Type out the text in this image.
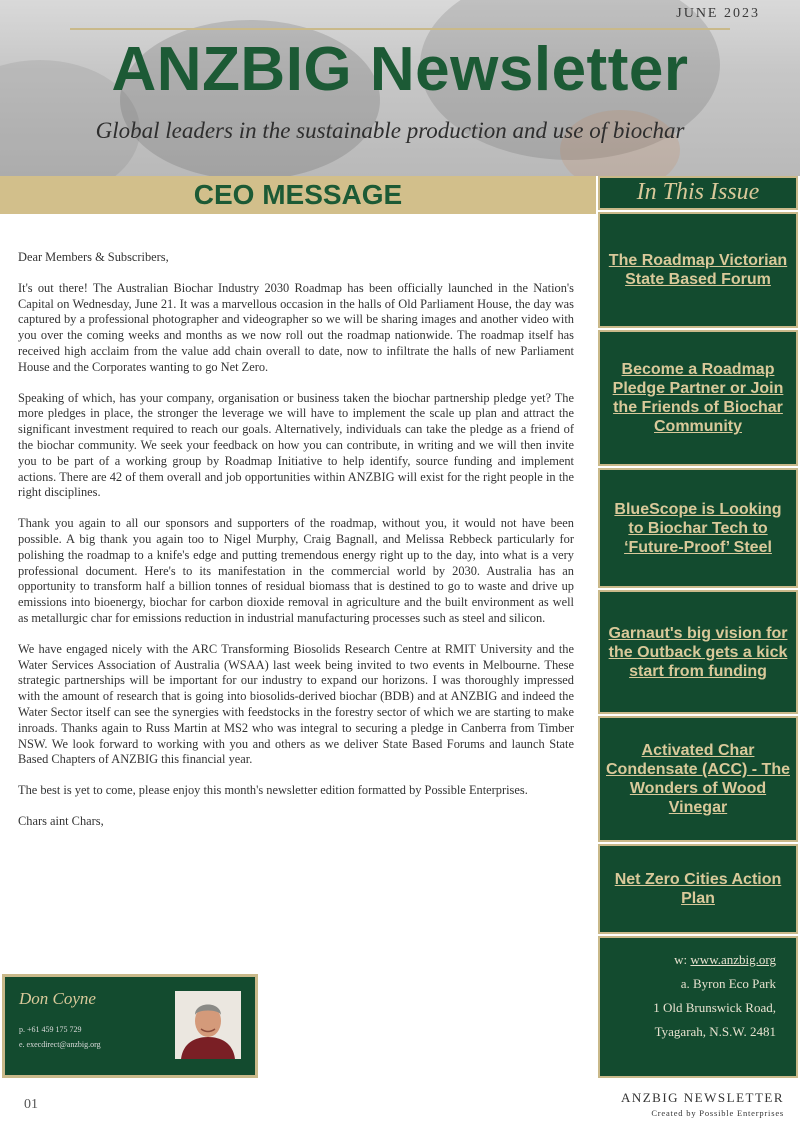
JUNE 2023
ANZBIG Newsletter
Global leaders in the sustainable production and use of biochar
CEO MESSAGE

Dear Members & Subscribers,

It's out there! The Australian Biochar Industry 2030 Roadmap has been officially launched in the Nation's Capital on Wednesday, June 21. It was a marvellous occasion in the halls of Old Parliament House, the day was captured by a professional photographer and videographer so we will be sharing images and another video with you over the coming weeks and months as we now roll out the roadmap nationwide. The roadmap itself has received high acclaim from the value add chain overall to date, now to infiltrate the halls of new Parliament House and the Corporates wanting to go Net Zero.

Speaking of which, has your company, organisation or business taken the biochar partnership pledge yet? The more pledges in place, the stronger the leverage we will have to implement the scale up plan and attract the significant investment required to reach our goals. Alternatively, individuals can take the pledge as a friend of the biochar community. We seek your feedback on how you can contribute, in writing and we will then invite you to be part of a working group by Roadmap Initiative to help identify, source funding and implement actions. There are 42 of them overall and job opportunities within ANZBIG will exist for the right people in the right disciplines.

Thank you again to all our sponsors and supporters of the roadmap, without you, it would not have been possible. A big thank you again too to Nigel Murphy, Craig Bagnall, and Melissa Rebbeck particularly for polishing the roadmap to a knife's edge and putting tremendous energy right up to the day, into what is a very professional document. Here's to its manifestation in the commercial world by 2030. Australia has an opportunity to transform half a billion tonnes of residual biomass that is destined to go to waste and drive up emissions into bioenergy, biochar for carbon dioxide removal in agriculture and the built environment as well as metallurgic char for emissions reduction in industrial manufacturing processes such as steel and silicon.

We have engaged nicely with the ARC Transforming Biosolids Research Centre at RMIT University and the Water Services Association of Australia (WSAA) last week being invited to two events in Melbourne. These strategic partnerships will be important for our industry to expand our horizons. I was thoroughly impressed with the amount of research that is going into biosolids-derived biochar (BDB) and at ANZBIG and indeed the Water Sector itself can see the synergies with feedstocks in the forestry sector of which we are starting to make inroads. Thanks again to Russ Martin at MS2 who was integral to securing a pledge in Canberra from Timber NSW. We look forward to working with you and others as we deliver State Based Forums and launch State Based Chapters of ANZBIG this financial year.

The best is yet to come, please enjoy this month's newsletter edition formatted by Possible Enterprises.

Chars aint Chars,

Don Coyne
p. +61 459 175 729
e. execdirect@anzbig.org
01	ANZBIG NEWSLETTER
Created by Possible Enterprises
In This Issue
The Roadmap Victorian State Based Forum
Become a Roadmap Pledge Partner or Join the Friends of Biochar Community
BlueScope is Looking to Biochar Tech to ‘Future-Proof’ Steel
Garnaut's big vision for the Outback gets a kick start from funding
Activated Char Condensate (ACC) - The Wonders of Wood Vinegar
Net Zero Cities Action Plan
w: www.anzbig.org
a. Byron Eco Park
1 Old Brunswick Road,
Tyagarah, N.S.W. 2481
